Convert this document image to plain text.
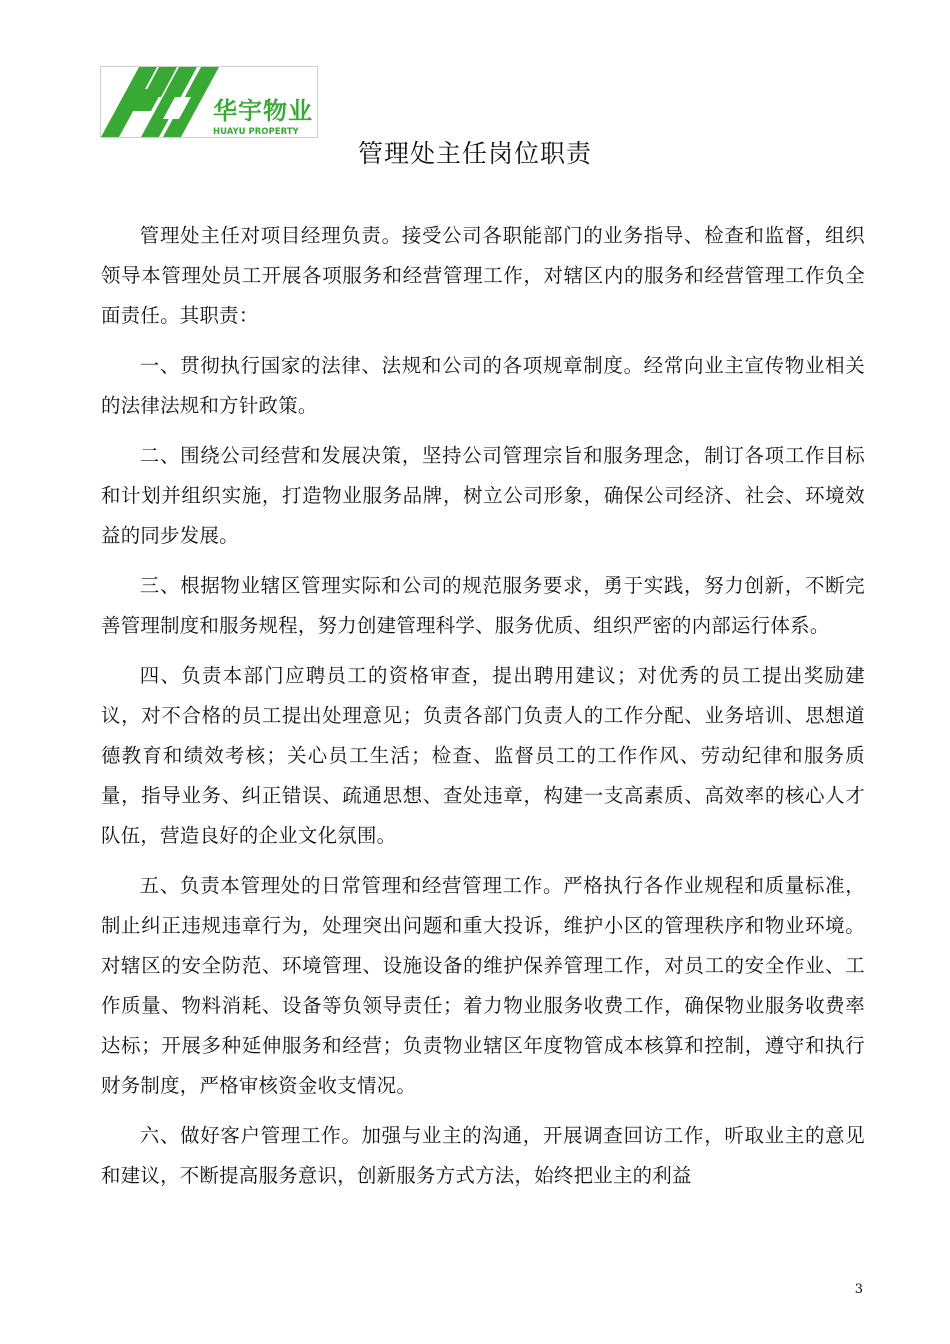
华宇物业
HUAYU PROPERTY
管理处主任岗位职责

管理处主任对项目经理负责。接受公司各职能部门的业务指导、检查和监督，组织领导本管理处员工开展各项服务和经营管理工作，对辖区内的服务和经营管理工作负全面责任。其职责：

一、贯彻执行国家的法律、法规和公司的各项规章制度。经常向业主宣传物业相关的法律法规和方针政策。

二、围绕公司经营和发展决策，坚持公司管理宗旨和服务理念，制订各项工作目标和计划并组织实施，打造物业服务品牌，树立公司形象，确保公司经济、社会、环境效益的同步发展。

三、根据物业辖区管理实际和公司的规范服务要求，勇于实践，努力创新，不断完善管理制度和服务规程，努力创建管理科学、服务优质、组织严密的内部运行体系。

四、负责本部门应聘员工的资格审查，提出聘用建议；对优秀的员工提出奖励建议，对不合格的员工提出处理意见；负责各部门负责人的工作分配、业务培训、思想道德教育和绩效考核；关心员工生活；检查、监督员工的工作作风、劳动纪律和服务质量，指导业务、纠正错误、疏通思想、查处违章，构建一支高素质、高效率的核心人才队伍，营造良好的企业文化氛围。

五、负责本管理处的日常管理和经营管理工作。严格执行各作业规程和质量标准，制止纠正违规违章行为，处理突出问题和重大投诉，维护小区的管理秩序和物业环境。对辖区的安全防范、环境管理、设施设备的维护保养管理工作，对员工的安全作业、工作质量、物料消耗、设备等负领导责任；着力物业服务收费工作，确保物业服务收费率达标；开展多种延伸服务和经营；负责物业辖区年度物管成本核算和控制，遵守和执行财务制度，严格审核资金收支情况。

六、做好客户管理工作。加强与业主的沟通，开展调查回访工作，听取业主的意见和建议，不断提高服务意识，创新服务方式方法，始终把业主的利益

3
